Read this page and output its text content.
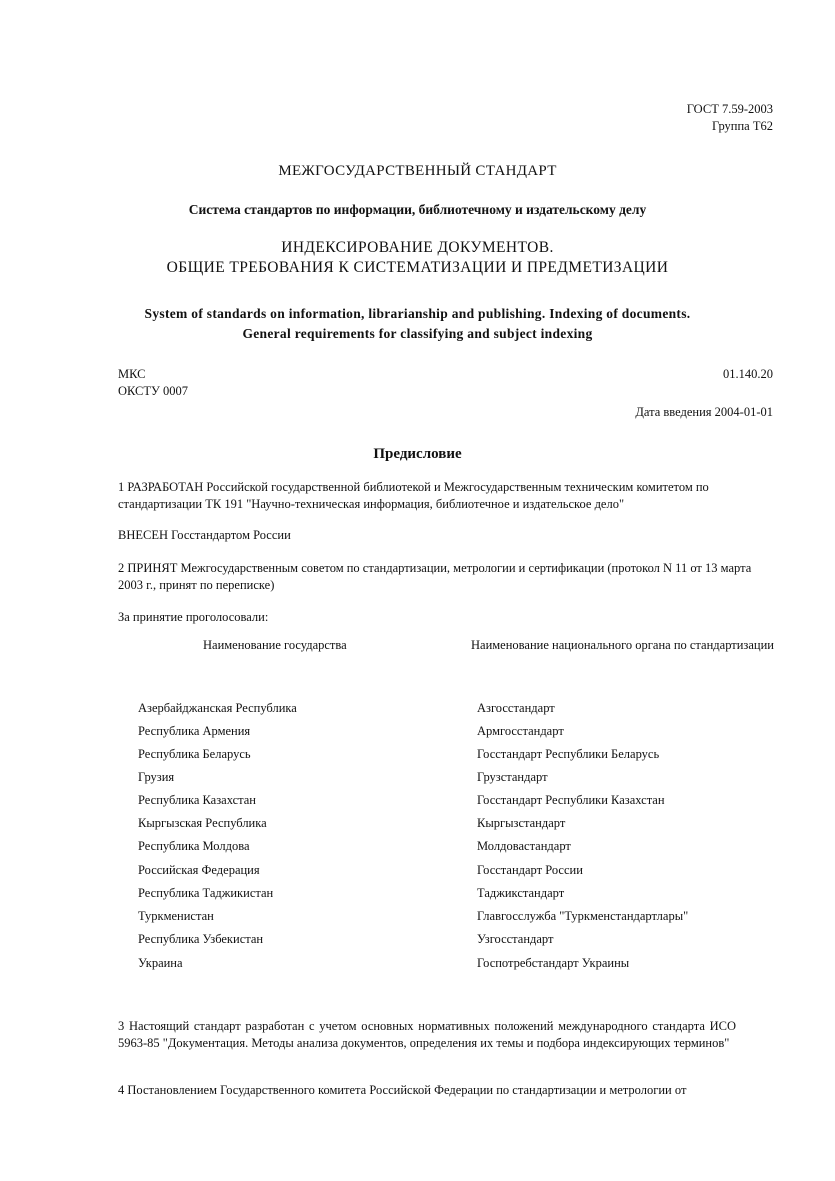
ГОСТ 7.59-2003
Группа Т62
МЕЖГОСУДАРСТВЕННЫЙ СТАНДАРТ
Система стандартов по информации, библиотечному и издательскому делу
ИНДЕКСИРОВАНИЕ ДОКУМЕНТОВ.
ОБЩИЕ ТРЕБОВАНИЯ К СИСТЕМАТИЗАЦИИ И ПРЕДМЕТИЗАЦИИ
System of standards on information, librarianship and publishing. Indexing of documents.
General requirements for classifying and subject indexing
МКС
ОКСТУ 0007
01.140.20
Дата введения 2004-01-01
Предисловие
1 РАЗРАБОТАН Российской государственной библиотекой и Межгосударственным техническим комитетом по стандартизации ТК 191 "Научно-техническая информация, библиотечное и издательское дело"
ВНЕСЕН Госстандартом России
2 ПРИНЯТ Межгосударственным советом по стандартизации, метрологии и сертификации (протокол N 11 от 13 марта 2003 г., принят по переписке)
За принятие проголосовали:
Наименование государства	Наименование национального органа по стандартизации
Азербайджанская Республика	Азгосстандарт
Республика Армения	Армгосстандарт
Республика Беларусь	Госстандарт Республики Беларусь
Грузия	Грузстандарт
Республика Казахстан	Госстандарт Республики Казахстан
Кыргызская Республика	Кыргызстандарт
Республика Молдова	Молдовастандарт
Российская Федерация	Госстандарт России
Республика Таджикистан	Таджикстандарт
Туркменистан	Главгосслужба "Туркменстандартлары"
Республика Узбекистан	Узгосстандарт
Украина	Госпотребстандарт Украины
3 Настоящий стандарт разработан с учетом основных нормативных положений международного стандарта ИСО 5963-85 "Документация. Методы анализа документов, определения их темы и подбора индексирующих терминов"
4 Постановлением Государственного комитета Российской Федерации по стандартизации и метрологии от
